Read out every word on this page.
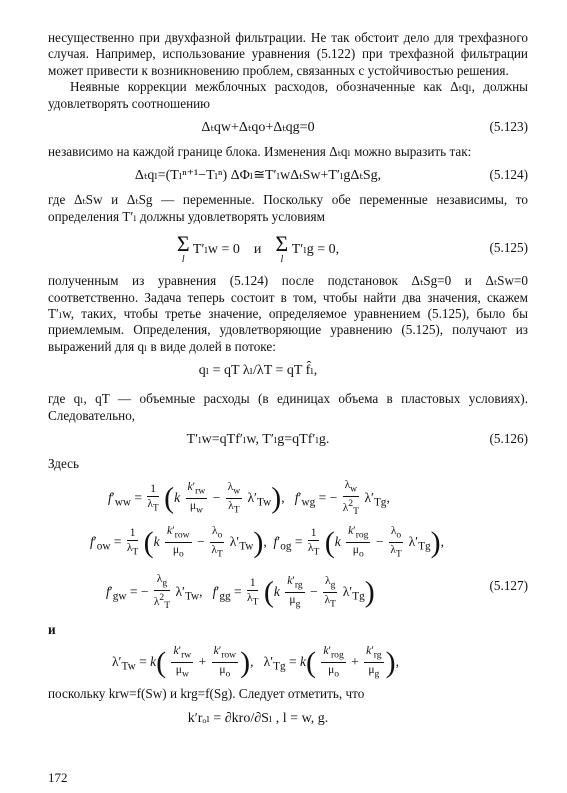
несущественно при двухфазной фильтрации. Не так обстоит дело для трехфазного случая. Например, использование уравнения (5.122) при трехфазной фильтрации может привести к возникновению проблем, связанных с устойчивостью решения.

Неявные коррекции межблочных расходов, обозначенные как Δₜqₗ, должны удовлетворять соотношению

Δₜqw+Δₜqo+Δₜqg=0	(5.123)

независимо на каждой границе блока. Изменения Δₜqₗ можно выразить так:

Δₜqₗ=(Tₗⁿ⁺¹−Tₗⁿ) ΔΦₗ≅T′ₗwΔₜSw+T′ₗgΔₜSg,	(5.124)

где ΔₜSw и ΔₜSg — переменные. Поскольку обе переменные независимы, то определения T′ₗ должны удовлетворять условиям

Σ
l
T′ₗw = 0 и Σ
l
T′ₗg = 0,	(5.125)

полученным из уравнения (5.124) после подстановок ΔₜSg=0 и ΔₜSw=0 соответственно. Задача теперь состоит в том, чтобы найти два значения, скажем T′ₗw, таких, чтобы третье значение, определяемое уравнением (5.125), было бы приемлемым. Определения, удовлетворяющие уравнению (5.125), получают из выражений для qₗ в виде долей в потоке:

qₗ = qT λₗ/λT = qT f̂ₗ,

где qₗ, qT — объемные расходы (в единицах объема в пластовых условиях). Следовательно,

T′ₗw=qTf′ₗw, T′ₗg=qTf′ₗg.	(5.126)
Здесь
$f'_{ww} = \frac{1}{\lambda_T} (k \frac{k'_{rw}}{\mu_w} - \frac{\lambda_w}{\lambda_T} \lambda'_{Tw})$,   $f'_{wg}$ = − $\frac{\lambda_w}{\lambda^2_T} \lambda'_{Tg}$,
$f'_{ow} = \frac{1}{\lambda_T} (k$
$k'_{row}$
$\mu_o$
− $\frac{\lambda_o}{\lambda_T} \lambda'_{Tw}$),  $f'_{og} = \frac{1}{\lambda_T} (k$
$k'_{rog}$
$\mu_o$
− $\frac{\lambda_o}{\lambda_T} \lambda'_{Tg}$),
$f'_{gw}$ = − $\frac{\lambda_g}{\lambda^2_T} \lambda'_{Tw}$,   $f'_{gg} = \frac{1}{\lambda_T} (k \frac{k'_{rg}}{\mu_g} - \frac{\lambda_g}{\lambda_T} \lambda'_{Tg})$	(5.127)
и
$\lambda'_{Tw} = k( \frac{k'_{rw}}{\mu_w}$ +
$k'_{row}$
$\mu_o$ ),   $\lambda'_{Tg} = k$( $k'_{rog}$
$\mu_o$
+ $\frac{k'_{rg}}{\mu_g}$ ),

поскольку krw=f(Sw) и krg=f(Sg). Следует отметить, что

k′rₒₗ = ∂kro/∂Sₗ , l = w, g.
172
